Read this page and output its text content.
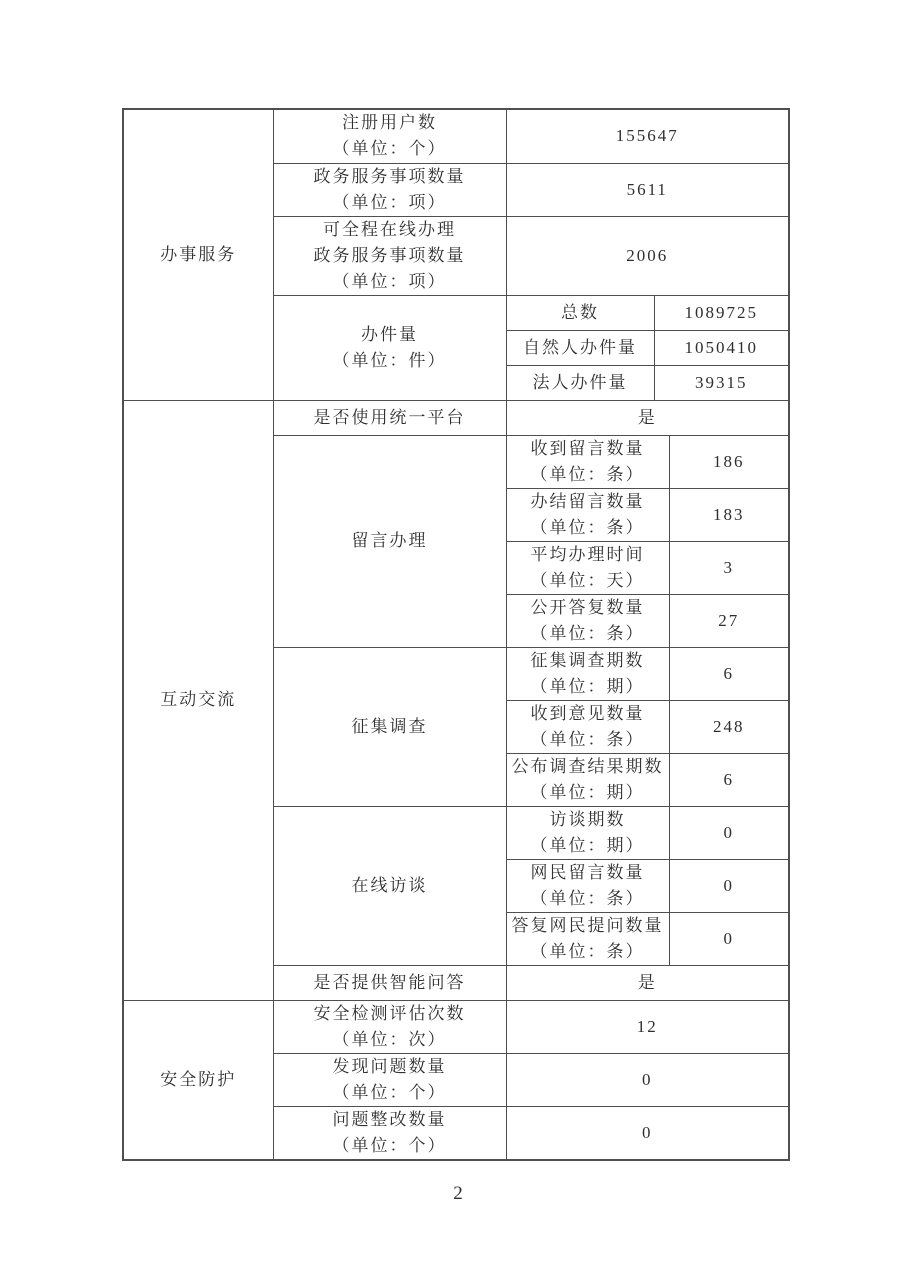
办事服务	注册用户数
（单位：个）	155647		

	政务服务事项数量
（单位：项）	5611		

	可全程在线办理
政务服务事项数量
（单位：项）	2006		

	办件量
（单位：件）	总数	1089725	
		自然人办件量	1050410	
		法人办件量	39315	
互动交流	是否使用统一平台	是		
	留言办理	收到留言数量
（单位：条）		186

		办结留言数量
（单位：条）		183

		平均办理时间
（单位：天）		3

		公开答复数量
（单位：条）		27
	征集调查	征集调查期数
（单位：期）		6

		收到意见数量
（单位：条）		248

		公布调查结果期数
（单位：期）		6
	在线访谈	访谈期数
（单位：期）		0

		网民留言数量
（单位：条）		0

		答复网民提问数量
（单位：条）		0
	是否提供智能问答	是		
安全防护	安全检测评估次数
（单位：次）	12		

	发现问题数量
（单位：个）	0		

	问题整改数量
（单位：个）	0		
2
